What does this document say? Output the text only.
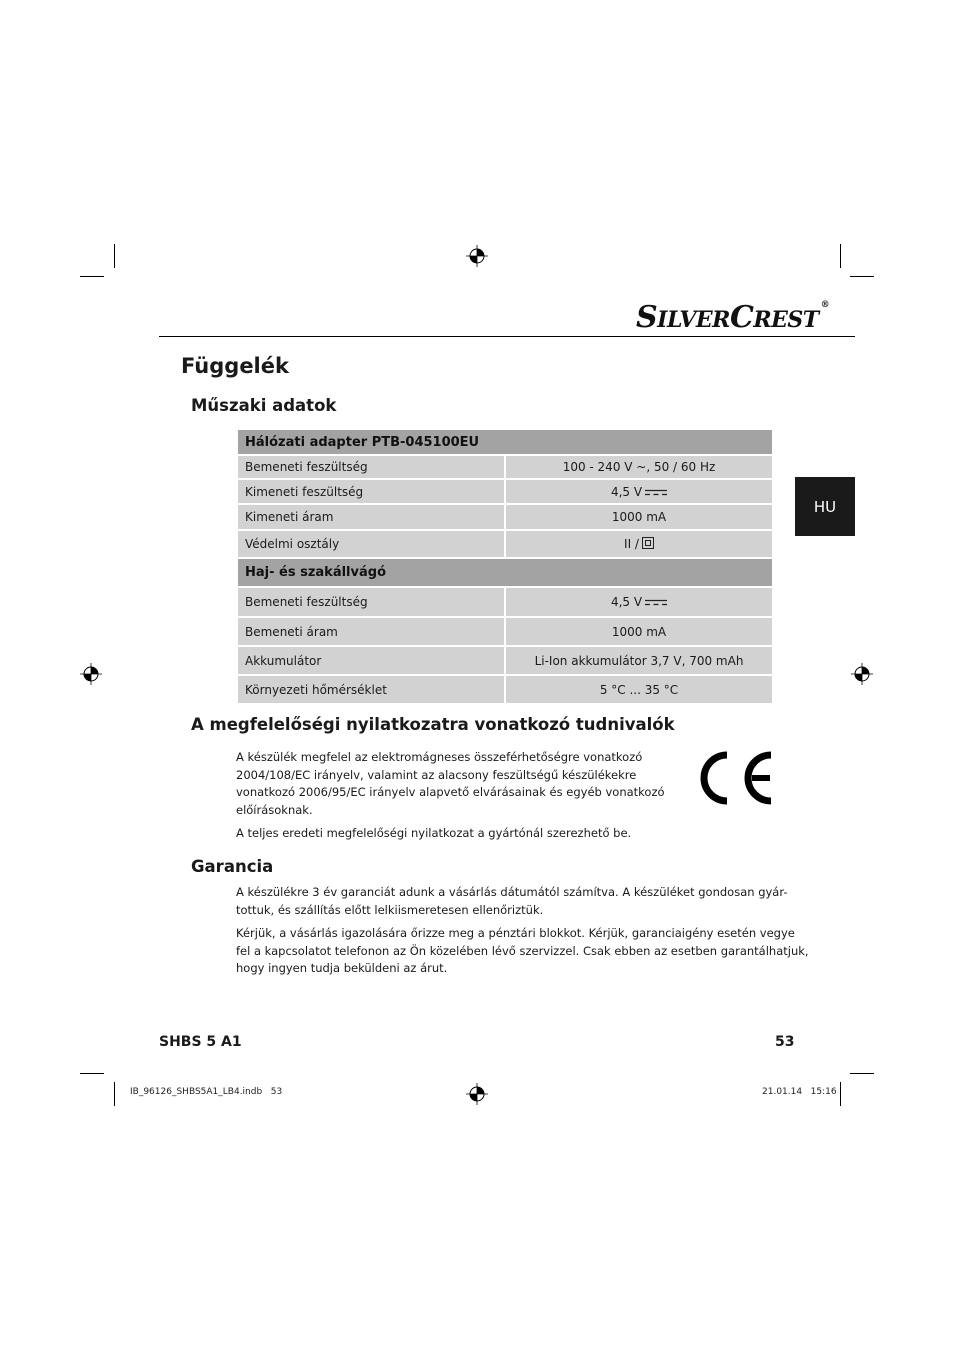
SILVERCREST®
HU
Függelék
Műszaki adatok
Hálózati adapter PTB-045100EU	
Bemeneti feszültség	100 - 240 V ~, 50 / 60 Hz
Kimeneti feszültség	4,5 V
Kimeneti áram	1000 mA
Védelmi osztály	II /
Haj- és szakállvágó	
Bemeneti feszültség	4,5 V
Bemeneti áram	1000 mA
Akkumulátor	Li-Ion akkumulátor 3,7 V, 700 mAh
Környezeti hőmérséklet	5 °C ... 35 °C
A megfelelőségi nyilatkozatra vonatkozó tudnivalók

A készülék megfelel az elektromágneses összeférhetőségre vonatkozó
2004/108/EC irányelv, valamint az alacsony feszültségű készülékekre
vonatkozó 2006/95/EC irányelv alapvető elvárásainak és egyéb vonatkozó
előírásoknak.

A teljes eredeti megfelelőségi nyilatkozat a gyártónál szerezhető be.

Garancia

A készülékre 3 év garanciát adunk a vásárlás dátumától számítva. A készüléket gondosan gyár-
tottuk, és szállítás előtt lelkiismeretesen ellenőriztük.

Kérjük, a vásárlás igazolására őrizze meg a pénztári blokkot. Kérjük, garanciaigény esetén vegye
fel a kapcsolatot telefonon az Ön közelében lévő szervizzel. Csak ebben az esetben garantálhatjuk,
hogy ingyen tudja beküldeni az árut.

SHBS 5 A1	53
IB_96126_SHBS5A1_LB4.indb   53	21.01.14   15:16
